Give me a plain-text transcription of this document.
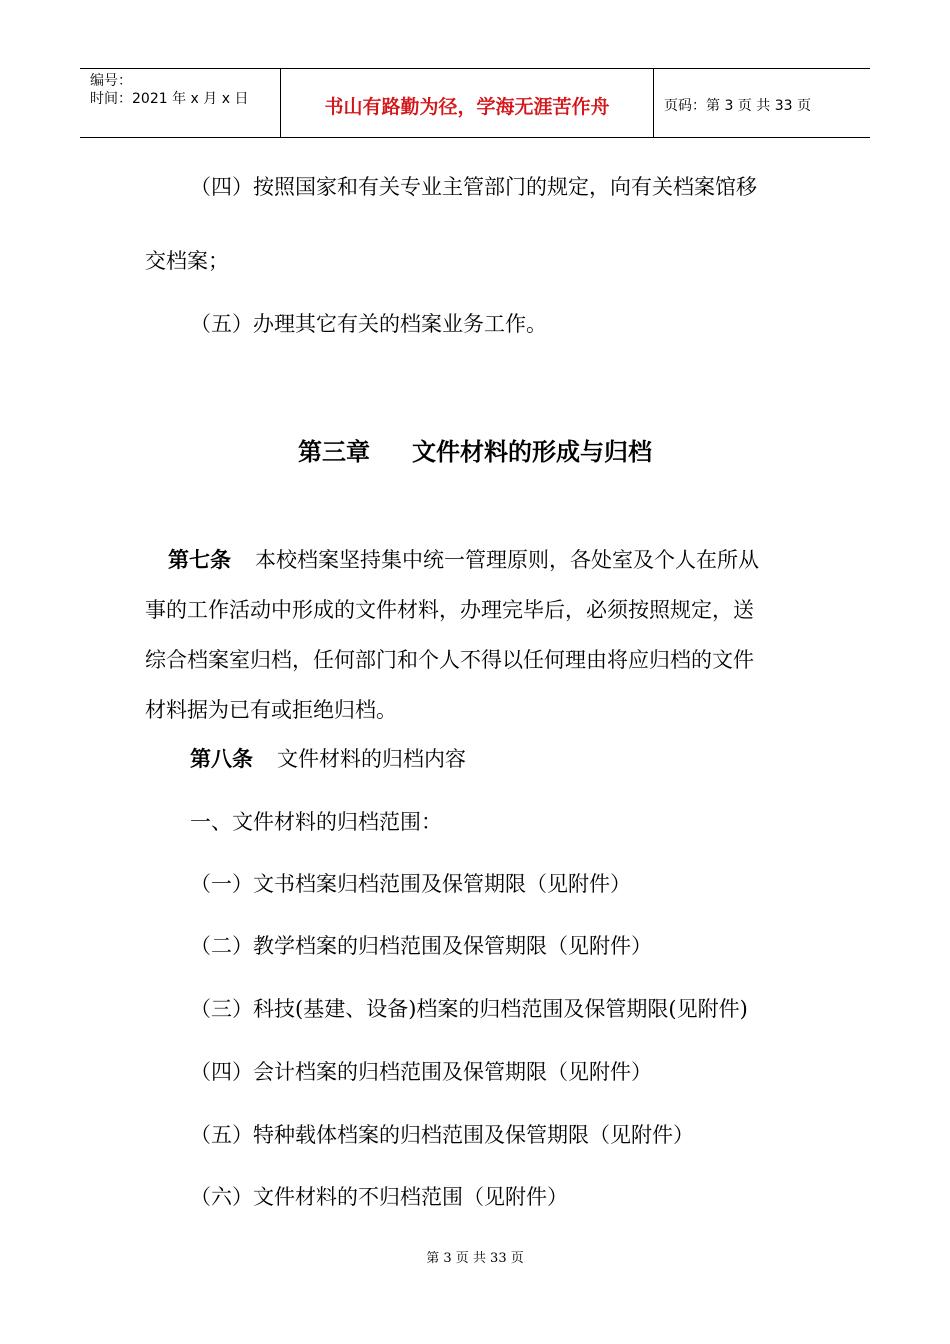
编号：
时间：2021 年 x 月 x 日	书山有路勤为径，学海无涯苦作舟	页码：第 3 页 共 33 页
（四）按照国家和有关专业主管部门的规定，向有关档案馆移
交档案；
（五）办理其它有关的档案业务工作。
第三章 文件材料的形成与归档
第七条 本校档案坚持集中统一管理原则，各处室及个人在所从
事的工作活动中形成的文件材料，办理完毕后，必须按照规定，送
综合档案室归档，任何部门和个人不得以任何理由将应归档的文件
材料据为已有或拒绝归档。
第八条 文件材料的归档内容
一、文件材料的归档范围：
（一）文书档案归档范围及保管期限（见附件）
（二）教学档案的归档范围及保管期限（见附件）
（三）科技(基建、设备)档案的归档范围及保管期限(见附件)
（四）会计档案的归档范围及保管期限（见附件）
（五）特种载体档案的归档范围及保管期限（见附件）
（六）文件材料的不归档范围（见附件）
第 3 页 共 33 页
